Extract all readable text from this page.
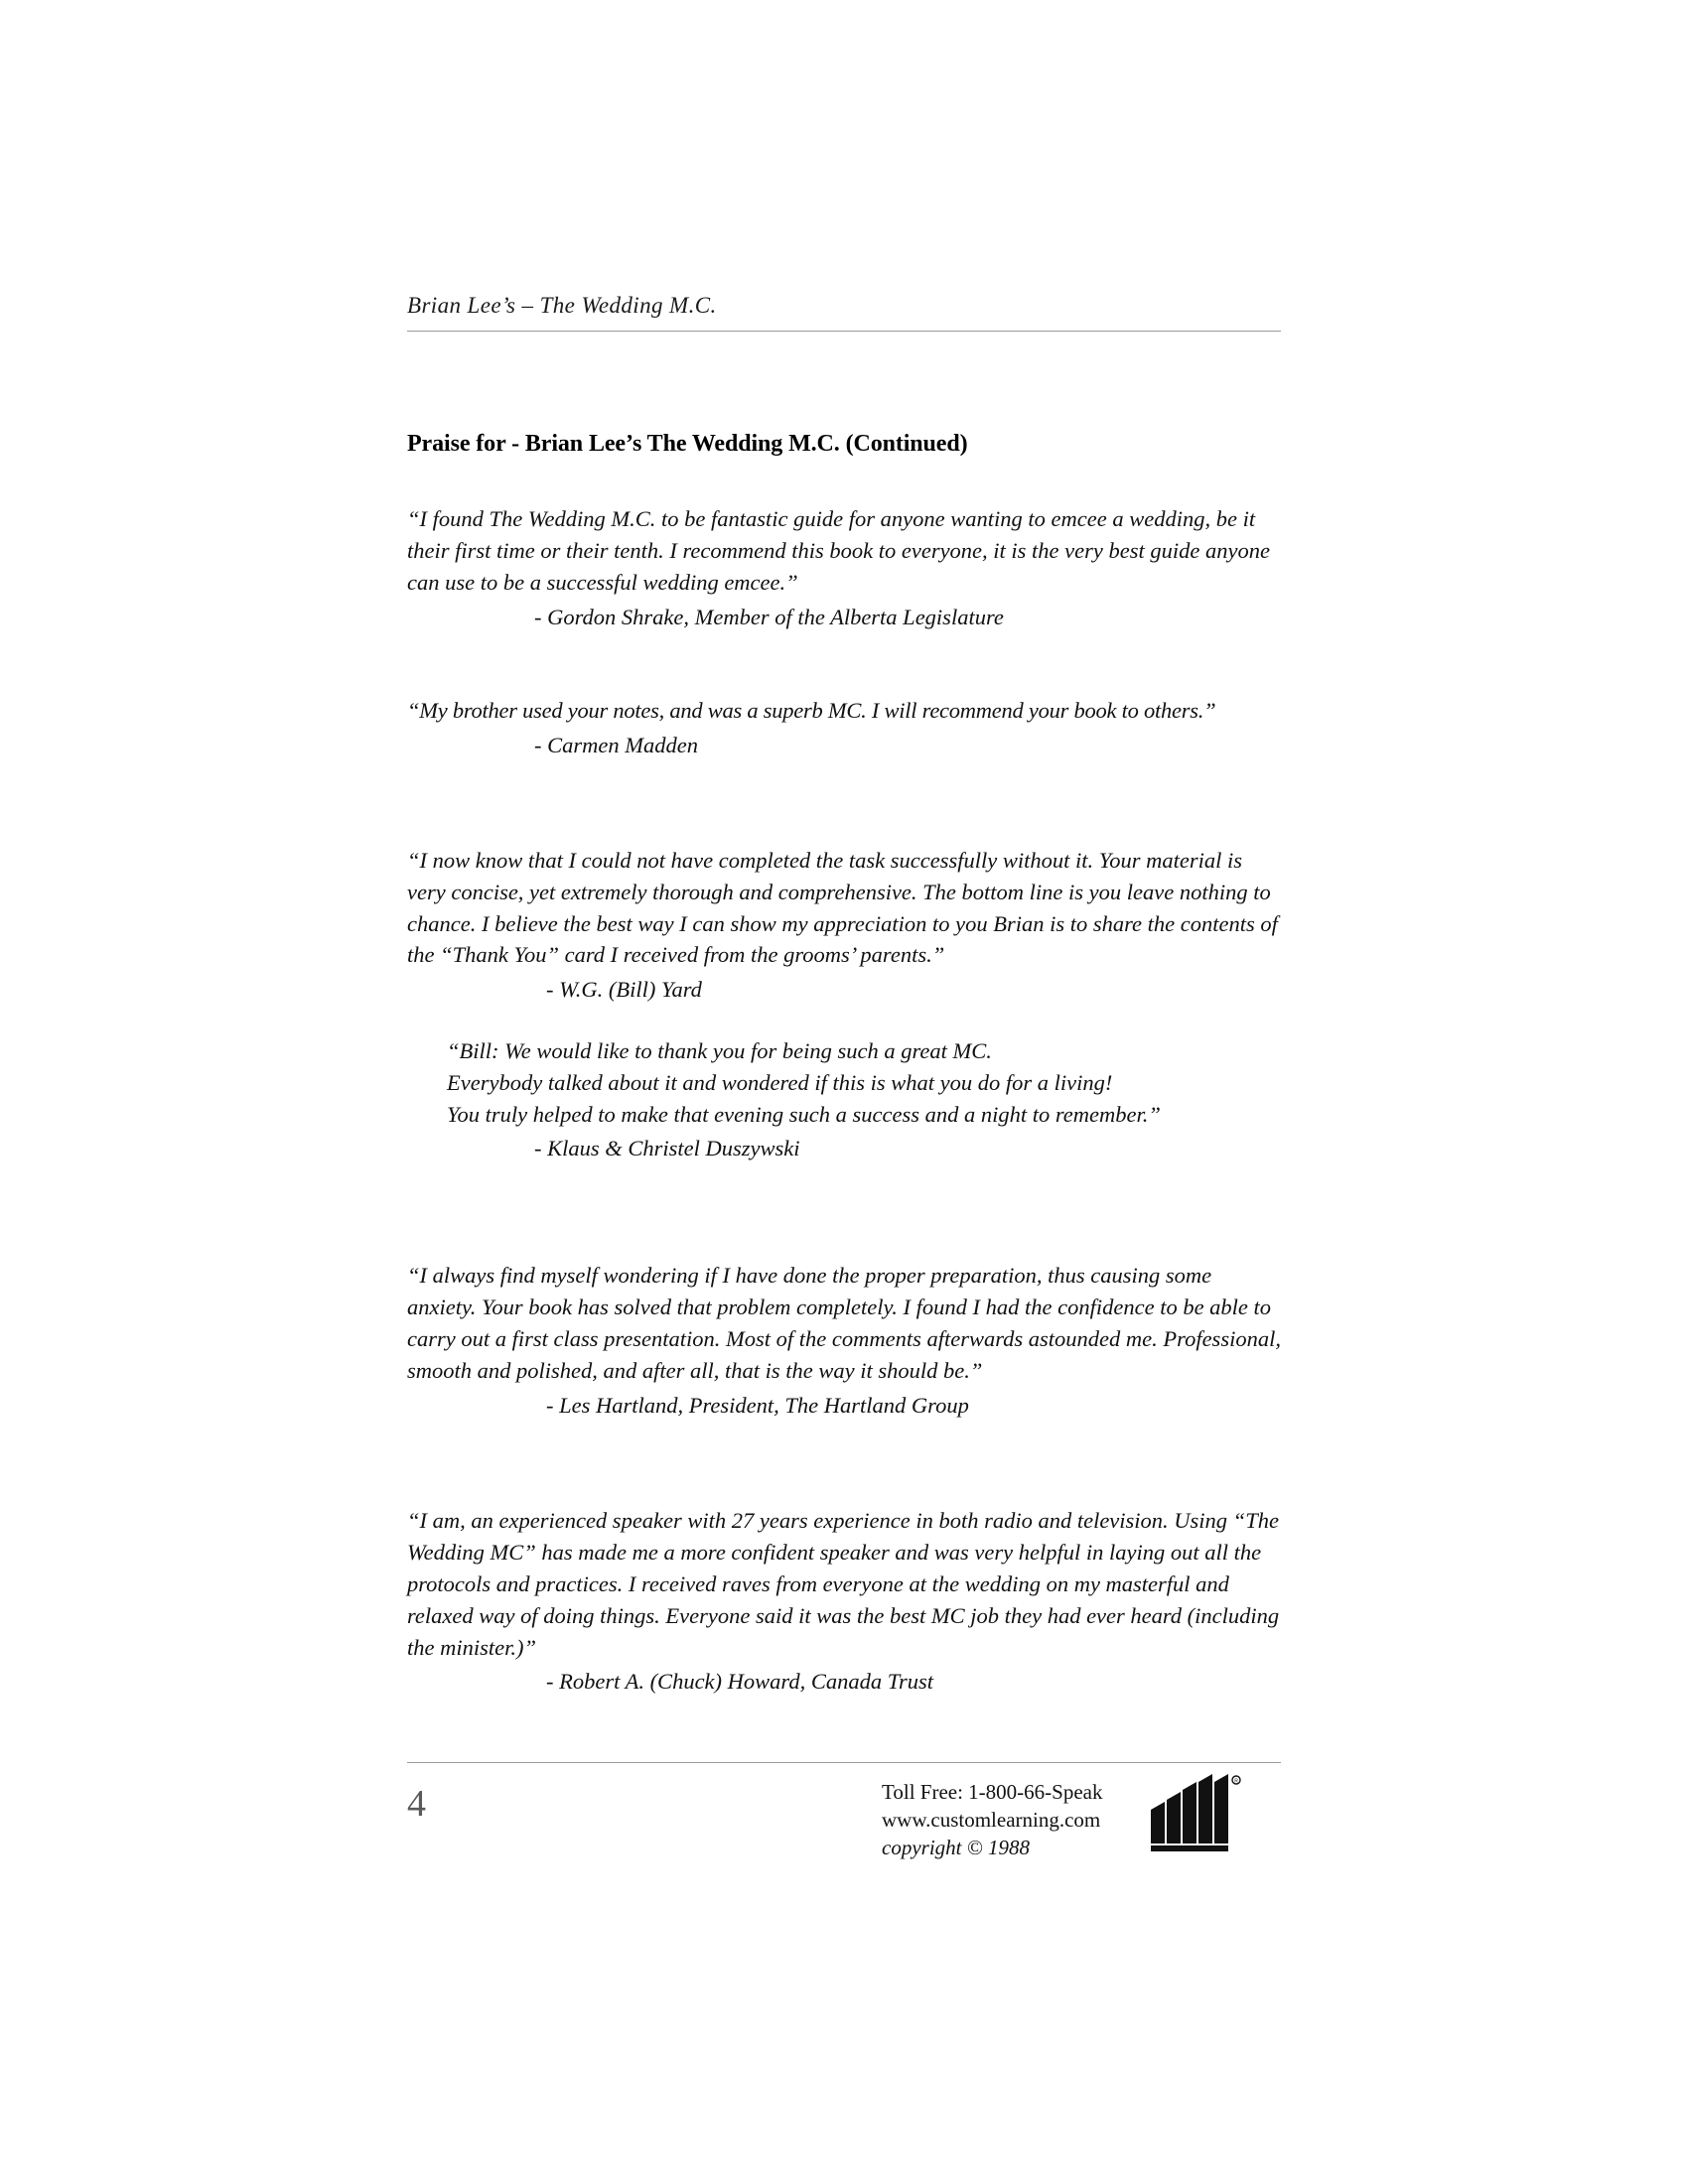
Brian Lee’s – The Wedding M.C.
Praise for - Brian Lee’s The Wedding M.C. (Continued)
“I found The Wedding M.C. to be fantastic guide for anyone wanting to emcee a wedding, be it their first time or their tenth. I recommend this book to everyone, it is the very best guide anyone can use to be a successful wedding emcee.”
- Gordon Shrake, Member of the Alberta Legislature
“My brother used your notes, and was a superb MC. I will recommend your book to others.”
- Carmen Madden
“I now know that I could not have completed the task successfully without it. Your material is very concise, yet extremely thorough and comprehensive. The bottom line is you leave nothing to chance. I believe the best way I can show my appreciation to you Brian is to share the contents of the “Thank You” card I received from the grooms’ parents.”
- W.G. (Bill) Yard
“Bill: We would like to thank you for being such a great MC.
Everybody talked about it and wondered if this is what you do for a living!
You truly helped to make that evening such a success and a night to remember.”
- Klaus & Christel Duszywski
“I always find myself wondering if I have done the proper preparation, thus causing some anxiety. Your book has solved that problem completely. I found I had the confidence to be able to carry out a first class presentation. Most of the comments afterwards astounded me. Professional, smooth and polished, and after all, that is the way it should be.”
- Les Hartland, President, The Hartland Group
“I am, an experienced speaker with 27 years experience in both radio and television. Using “The Wedding MC” has made me a more confident speaker and was very helpful in laying out all the protocols and practices. I received raves from everyone at the wedding on my masterful and relaxed way of doing things. Everyone said it was the best MC job they had ever heard (including the minister.)”
- Robert A. (Chuck) Howard, Canada Trust
4	Toll Free: 1-800-66-Speak
www.customlearning.com
copyright © 1988
R
